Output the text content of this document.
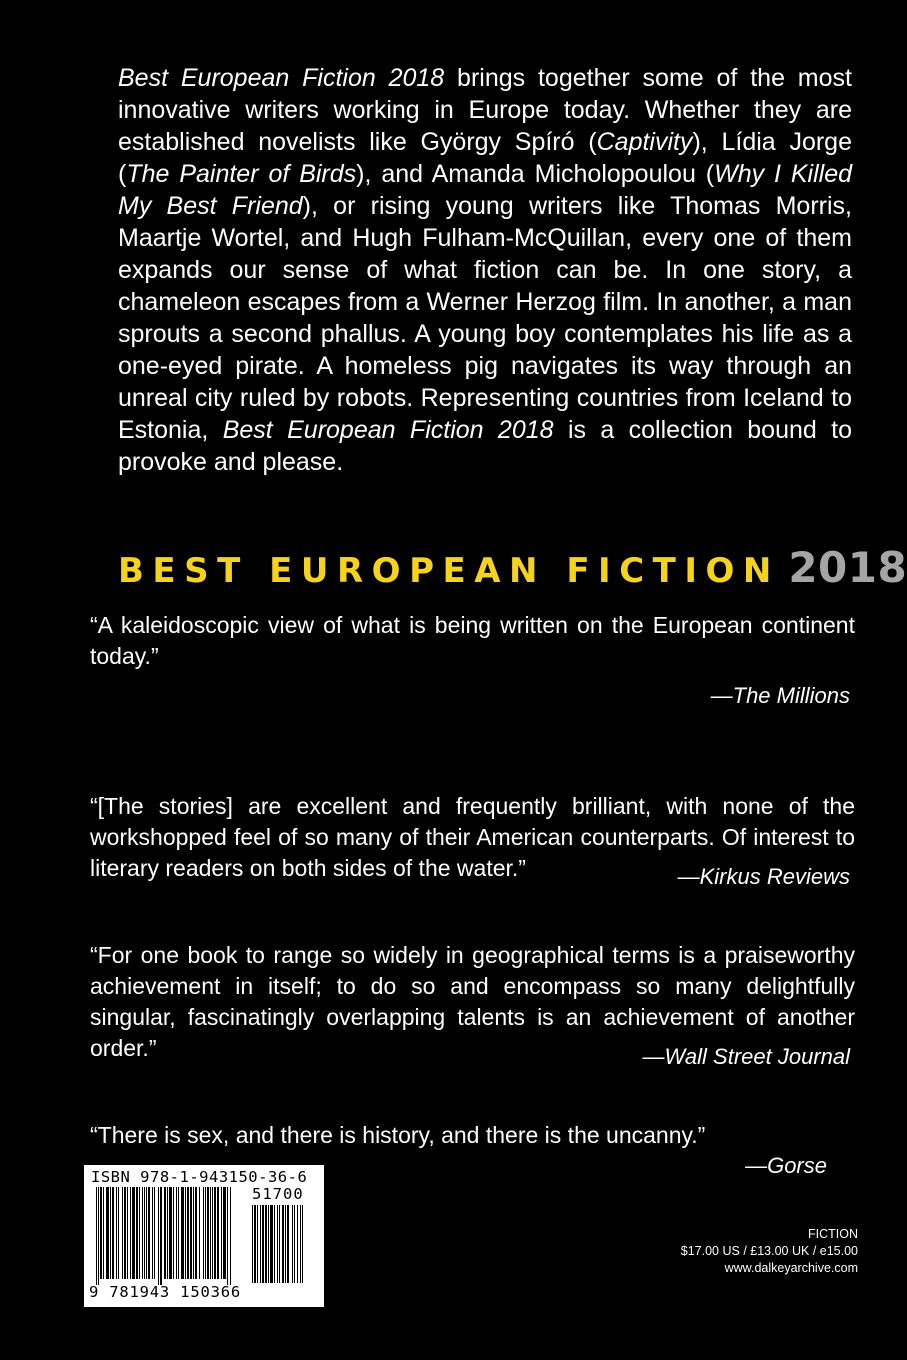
Best European Fiction 2018 brings together some of the most innovative writers working in Europe today. Whether they are established novelists like György Spíró (Captivity), Lídia Jorge (The Painter of Birds), and Amanda Micholopoulou (Why I Killed My Best Friend), or rising young writers like Thomas Morris, Maartje Wortel, and Hugh Fulham-McQuillan, every one of them expands our sense of what fiction can be. In one story, a chameleon escapes from a Werner Herzog film. In another, a man sprouts a second phallus. A young boy contemplates his life as a one-eyed pirate. A homeless pig navigates its way through an unreal city ruled by robots. Representing countries from Iceland to Estonia, Best European Fiction 2018 is a collection bound to provoke and please.

BEST EUROPEAN FICTION 2018

“A kaleidoscopic view of what is being written on the European continent today.”

—The Millions

“[The stories] are excellent and frequently brilliant, with none of the workshopped feel of so many of their American counterparts. Of interest to literary readers on both sides of the water.”	—Kirkus Reviews

“For one book to range so widely in geographical terms is a praiseworthy achievement in itself; to do so and encompass so many delightfully singular, fascinatingly overlapping talents is an achievement of another order.”	—Wall Street Journal

“There is sex, and there is history, and there is the uncanny.”

—Gorse
ISBN 978-1-943150-36-6
51700
9 781943 150366
FICTION
$17.00 US / £13.00 UK / e15.00
www.dalkeyarchive.com
